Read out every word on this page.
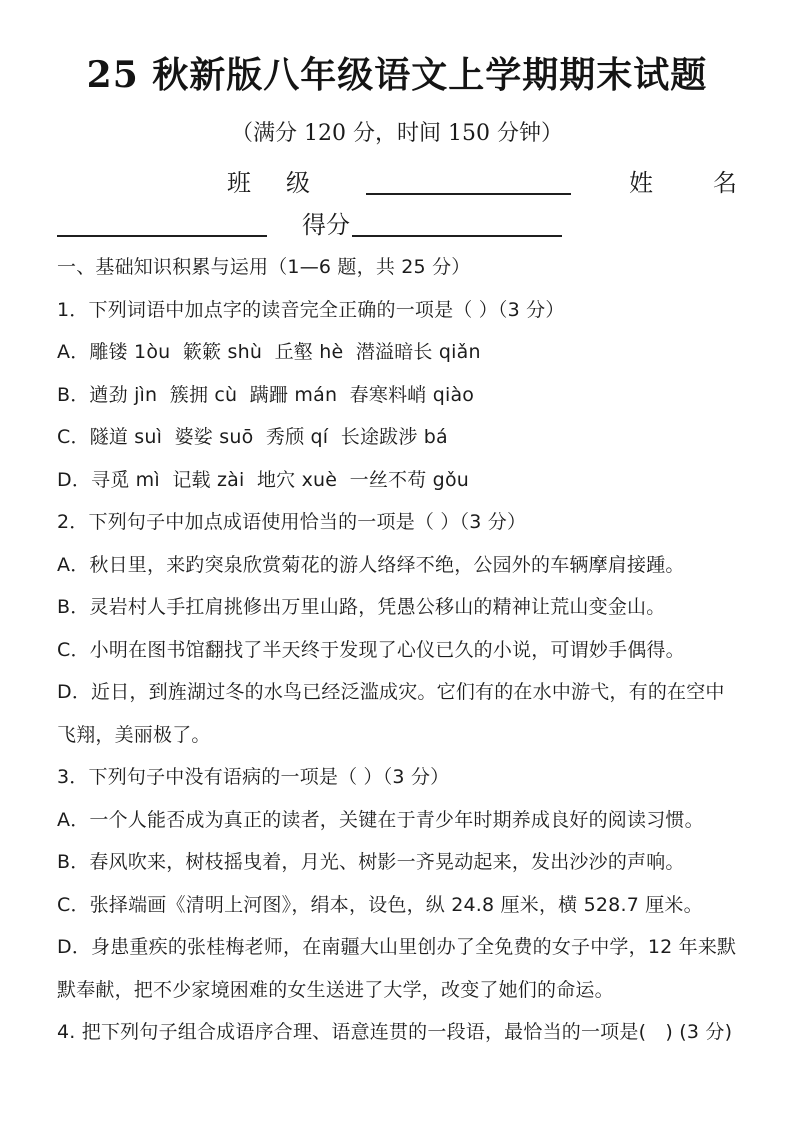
25 秋新版八年级语文上学期期末试题
（满分 120 分，时间 150 分钟）
班 级	姓	名
得分

一、基础知识积累与运用（1—6 题，共 25 分）

1．下列词语中加点字的读音完全正确的一项是（ ）（3 分）

A．雕镂 1òu  簌簌 shù  丘壑 hè  潜溢暗长 qiǎn

B．遒劲 jìn  簇拥 cù  蹒跚 mán  春寒料峭 qiào

C．隧道 suì  婆娑 suō  秀颀 qí  长途跋涉 bá

D．寻觅 mì  记载 zài  地穴 xuè  一丝不苟 gǒu

2．下列句子中加点成语使用恰当的一项是（ ）（3 分）

A．秋日里，来趵突泉欣赏菊花的游人络绎不绝，公园外的车辆摩肩接踵。

B．灵岩村人手扛肩挑修出万里山路，凭愚公移山的精神让荒山变金山。

C．小明在图书馆翻找了半天终于发现了心仪已久的小说，可谓妙手偶得。

D．近日，到旌湖过冬的水鸟已经泛滥成灾。它们有的在水中游弋，有的在空中飞翔，美丽极了。

3．下列句子中没有语病的一项是（ ）（3 分）

A．一个人能否成为真正的读者，关键在于青少年时期养成良好的阅读习惯。

B．春风吹来，树枝摇曳着，月光、树影一齐晃动起来，发出沙沙的声响。

C．张择端画《清明上河图》，绢本，设色，纵 24.8 厘米，横 528.7 厘米。

D．身患重疾的张桂梅老师，在南疆大山里创办了全免费的女子中学，12 年来默默奉献，把不少家境困难的女生送进了大学，改变了她们的命运。

4. 把下列句子组合成语序合理、语意连贯的一段语，最恰当的一项是(　) (3 分)
